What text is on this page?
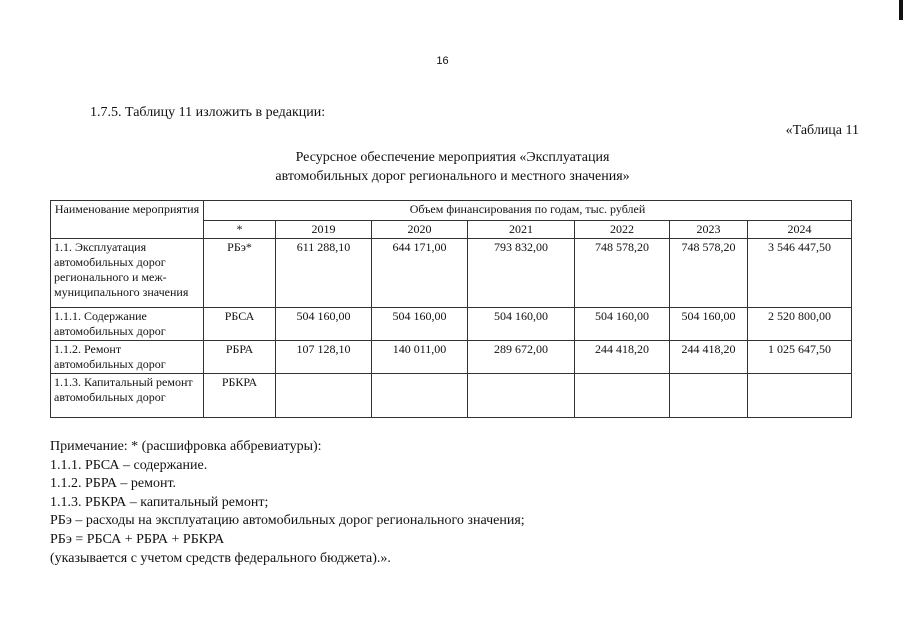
16
1.7.5. Таблицу 11 изложить в редакции:
«Таблица 11
Ресурсное обеспечение мероприятия «Эксплуатация
автомобильных дорог регионального и местного значения»
Наименование мероприятия	Объем финансирования по годам, тыс. рублей						
	*	2019	2020	2021	2022	2023	2024
1.1. Эксплуатация автомобильных дорог регионального и меж-муниципального значения	РБэ*	611 288,10	644 171,00	793 832,00	748 578,20	748 578,20	3 546 447,50
1.1.1. Содержание автомобильных дорог	РБСА	504 160,00	504 160,00	504 160,00	504 160,00	504 160,00	2 520 800,00
1.1.2. Ремонт автомобильных дорог	РБРА	107 128,10	140 011,00	289 672,00	244 418,20	244 418,20	1 025 647,50
1.1.3. Капитальный ремонт автомобильных дорог	РБКРА						
Примечание: * (расшифровка аббревиатуры):
1.1.1. РБСА – содержание.
1.1.2. РБРА – ремонт.
1.1.3. РБКРА – капитальный ремонт;
РБэ – расходы на эксплуатацию автомобильных дорог регионального значения;
РБэ = РБСА + РБРА + РБКРА
(указывается с учетом средств федерального бюджета).».
